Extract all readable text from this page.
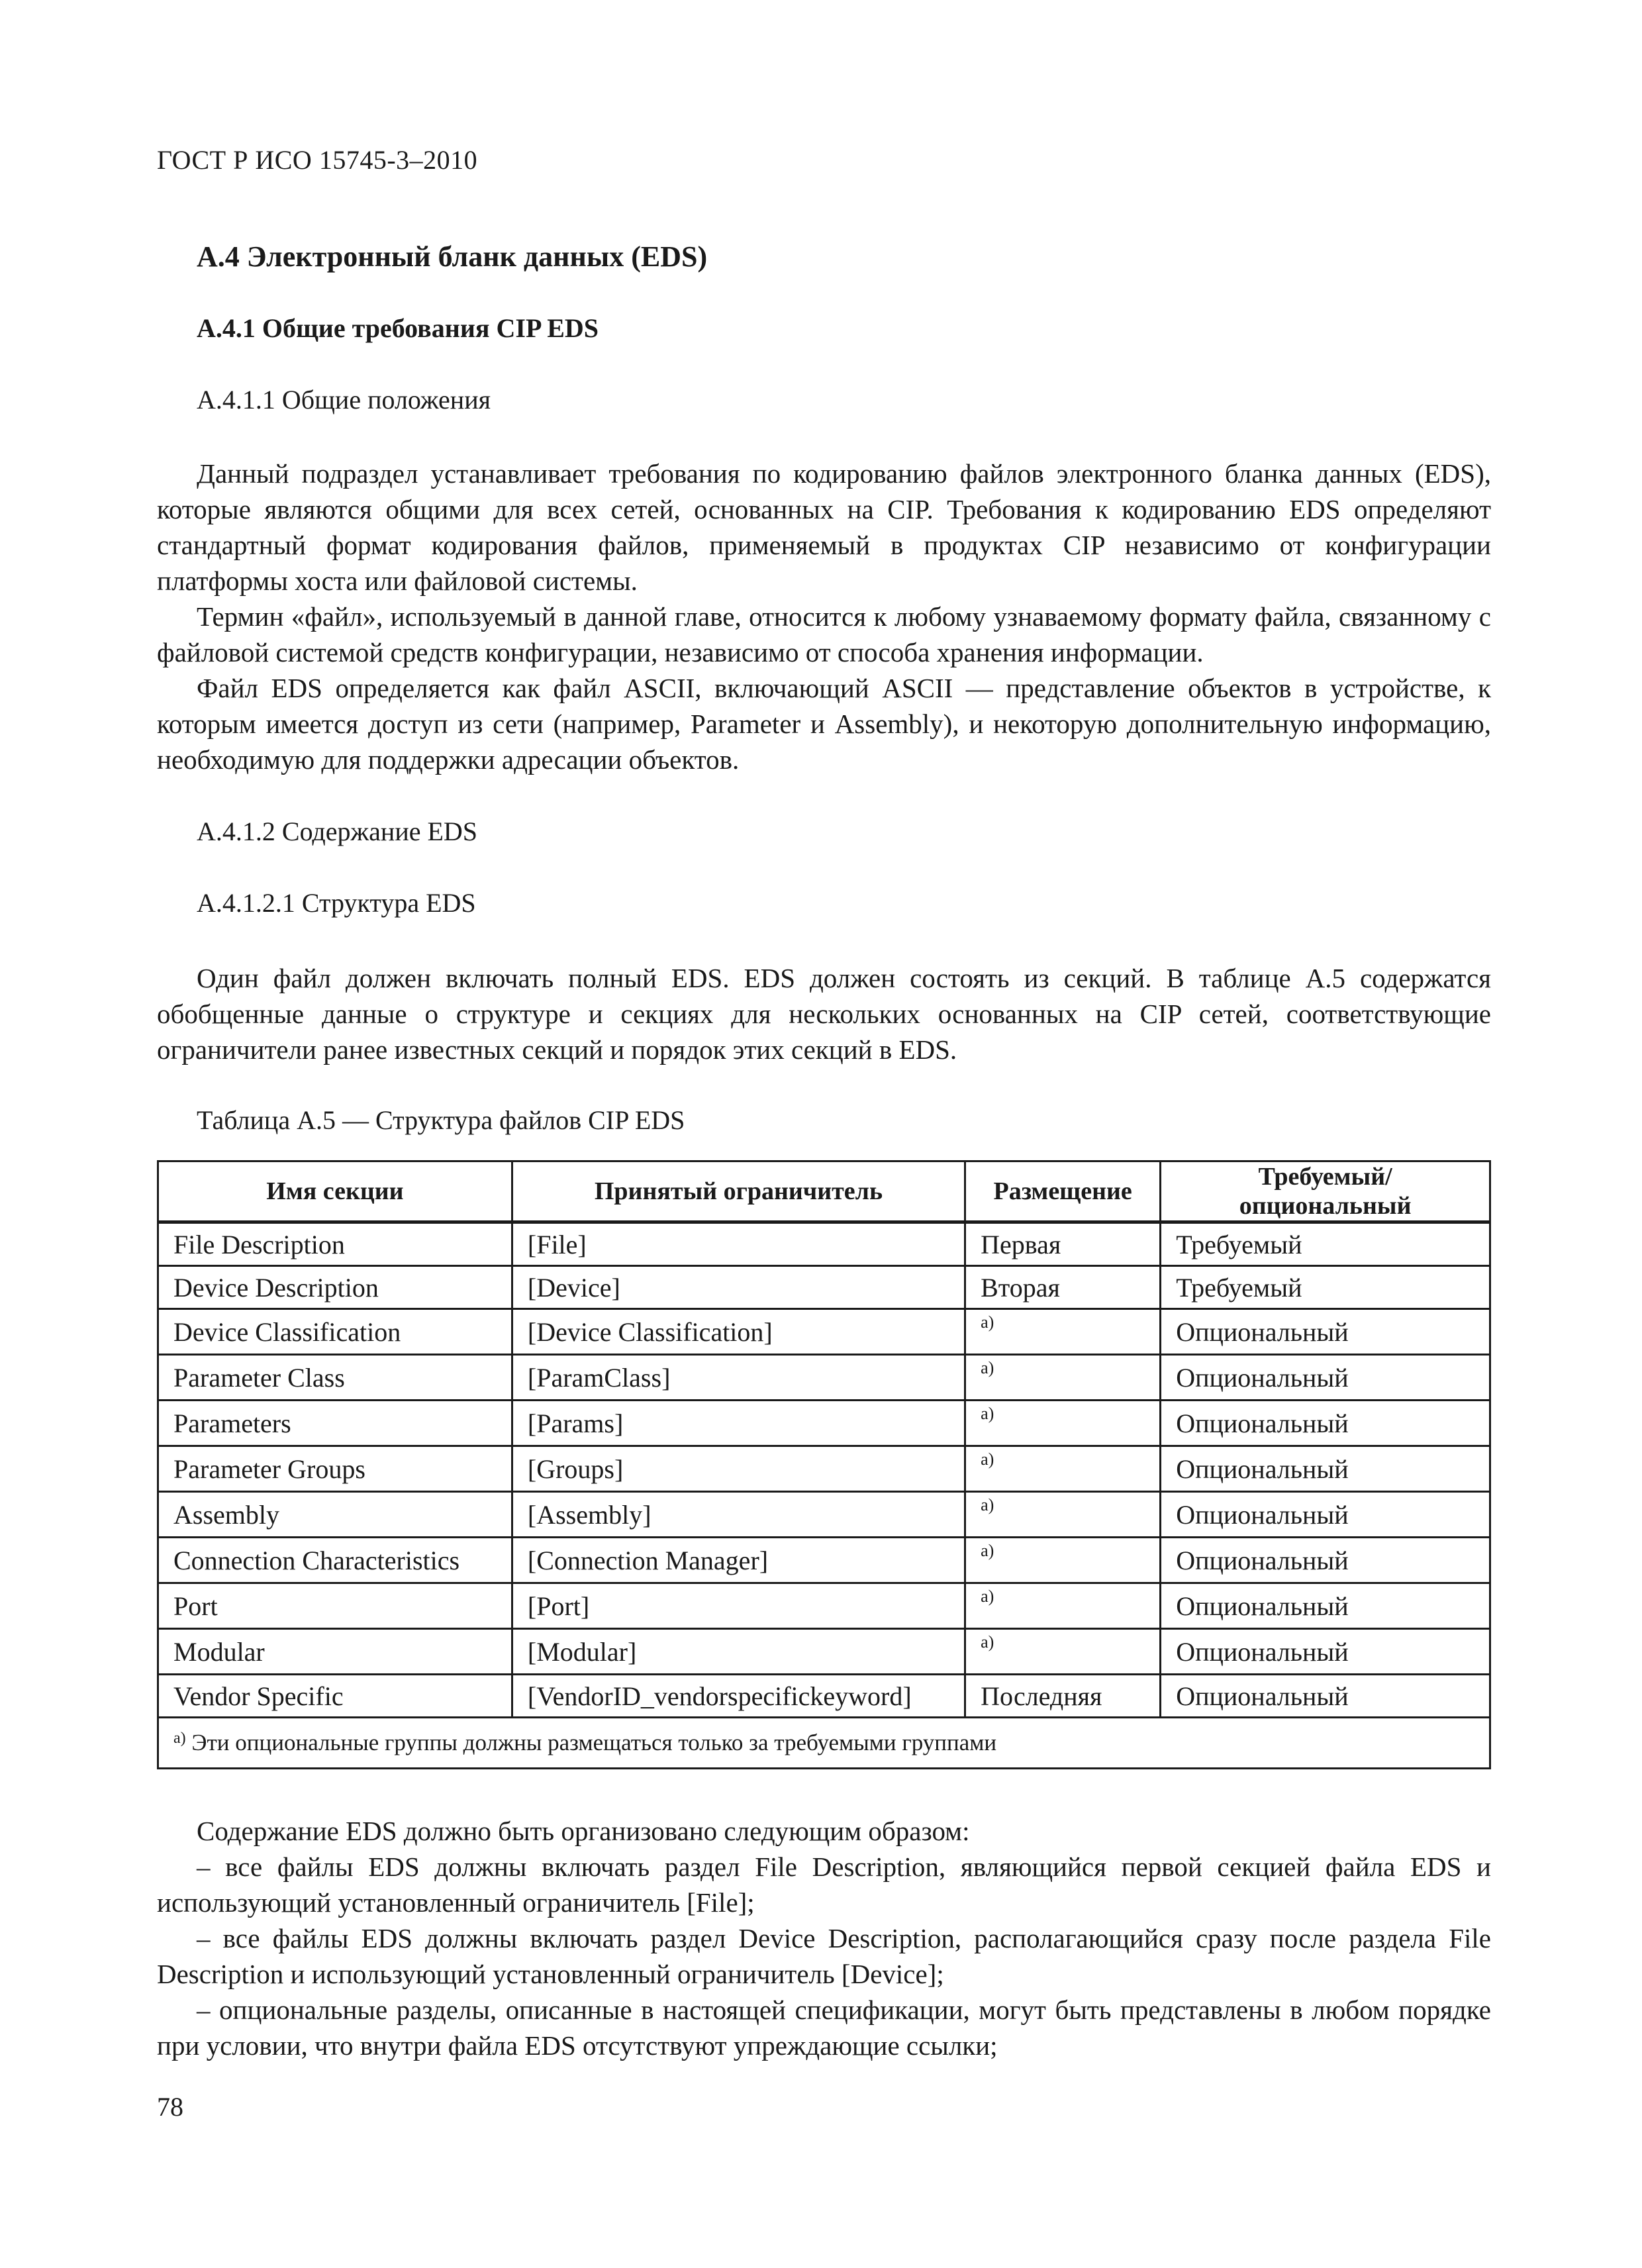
ГОСТ Р ИСО 15745-3–2010
А.4 Электронный бланк данных (EDS)
А.4.1 Общие требования CIP EDS
А.4.1.1 Общие положения

Данный подраздел устанавливает требования по кодированию файлов электронного бланка данных (EDS), которые являются общими для всех сетей, основанных на CIP. Требования к кодированию EDS определяют стандартный формат кодирования файлов, применяемый в продуктах CIP независимо от конфигурации платформы хоста или файловой системы.

Термин «файл», используемый в данной главе, относится к любому узнаваемому формату файла, связанному с файловой системой средств конфигурации, независимо от способа хранения информации.

Файл EDS определяется как файл ASCII, включающий ASCII — представление объектов в устройстве, к которым имеется доступ из сети (например, Parameter и Assembly), и некоторую дополнительную информацию, необходимую для поддержки адресации объектов.

А.4.1.2 Содержание EDS
А.4.1.2.1 Структура EDS

Один файл должен включать полный EDS. EDS должен состоять из секций. В таблице А.5 содержатся обобщенные данные о структуре и секциях для нескольких основанных на CIP сетей, соответствующие ограничители ранее известных секций и порядок этих секций в EDS.

Таблица А.5 — Структура файлов CIP EDS
Имя секции	Принятый ограничитель	Размещение	Требуемый/опциональный
File Description	[File]	Первая	Требуемый
Device Description	[Device]	Вторая	Требуемый
Device Classification	[Device Classification]	а)	Опциональный
Parameter Class	[ParamClass]	а)	Опциональный
Parameters	[Params]	а)	Опциональный
Parameter Groups	[Groups]	а)	Опциональный
Assembly	[Assembly]	а)	Опциональный
Connection Characteristics	[Connection Manager]	а)	Опциональный
Port	[Port]	а)	Опциональный
Modular	[Modular]	а)	Опциональный
Vendor Specific	[VendorID_vendorspecifickeyword]	Последняя	Опциональный
$^{а)}$ Эти опциональные группы должны размещаться только за требуемыми группами			

Содержание EDS должно быть организовано следующим образом:

– все файлы EDS должны включать раздел File Description, являющийся первой секцией файла EDS и использующий установленный ограничитель [File];

– все файлы EDS должны включать раздел Device Description, располагающийся сразу после раздела File Description и использующий установленный ограничитель [Device];

– опциональные разделы, описанные в настоящей спецификации, могут быть представлены в любом порядке при условии, что внутри файла EDS отсутствуют упреждающие ссылки;

78
